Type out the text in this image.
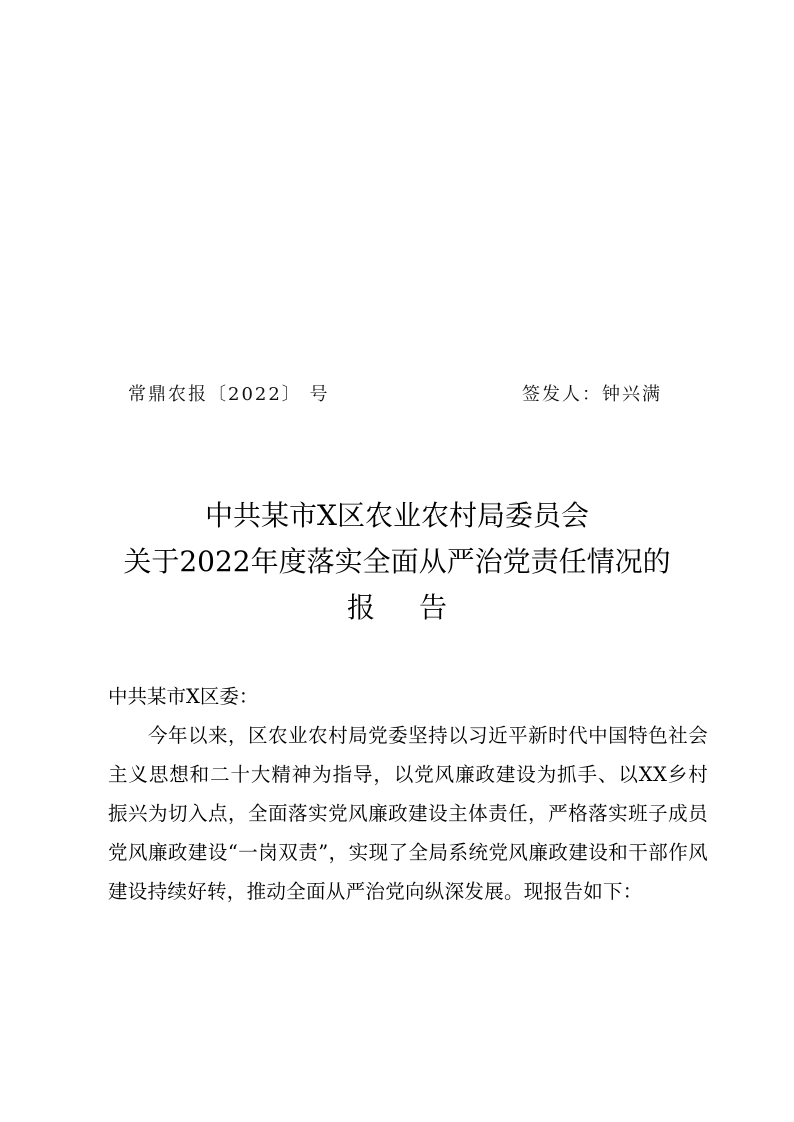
常鼎农报〔2022〕 号	签发人：钟兴满
中共某市X区农业农村局委员会
关于2022年度落实全面从严治党责任情况的
报告
中共某市X区委：
今年以来，区农业农村局党委坚持以习近平新时代中国特色社会主义思想和二十大精神为指导，以党风廉政建设为抓手、以XX乡村振兴为切入点，全面落实党风廉政建设主体责任，严格落实班子成员党风廉政建设“一岗双责”，实现了全局系统党风廉政建设和干部作风建设持续好转，推动全面从严治党向纵深发展。现报告如下：
